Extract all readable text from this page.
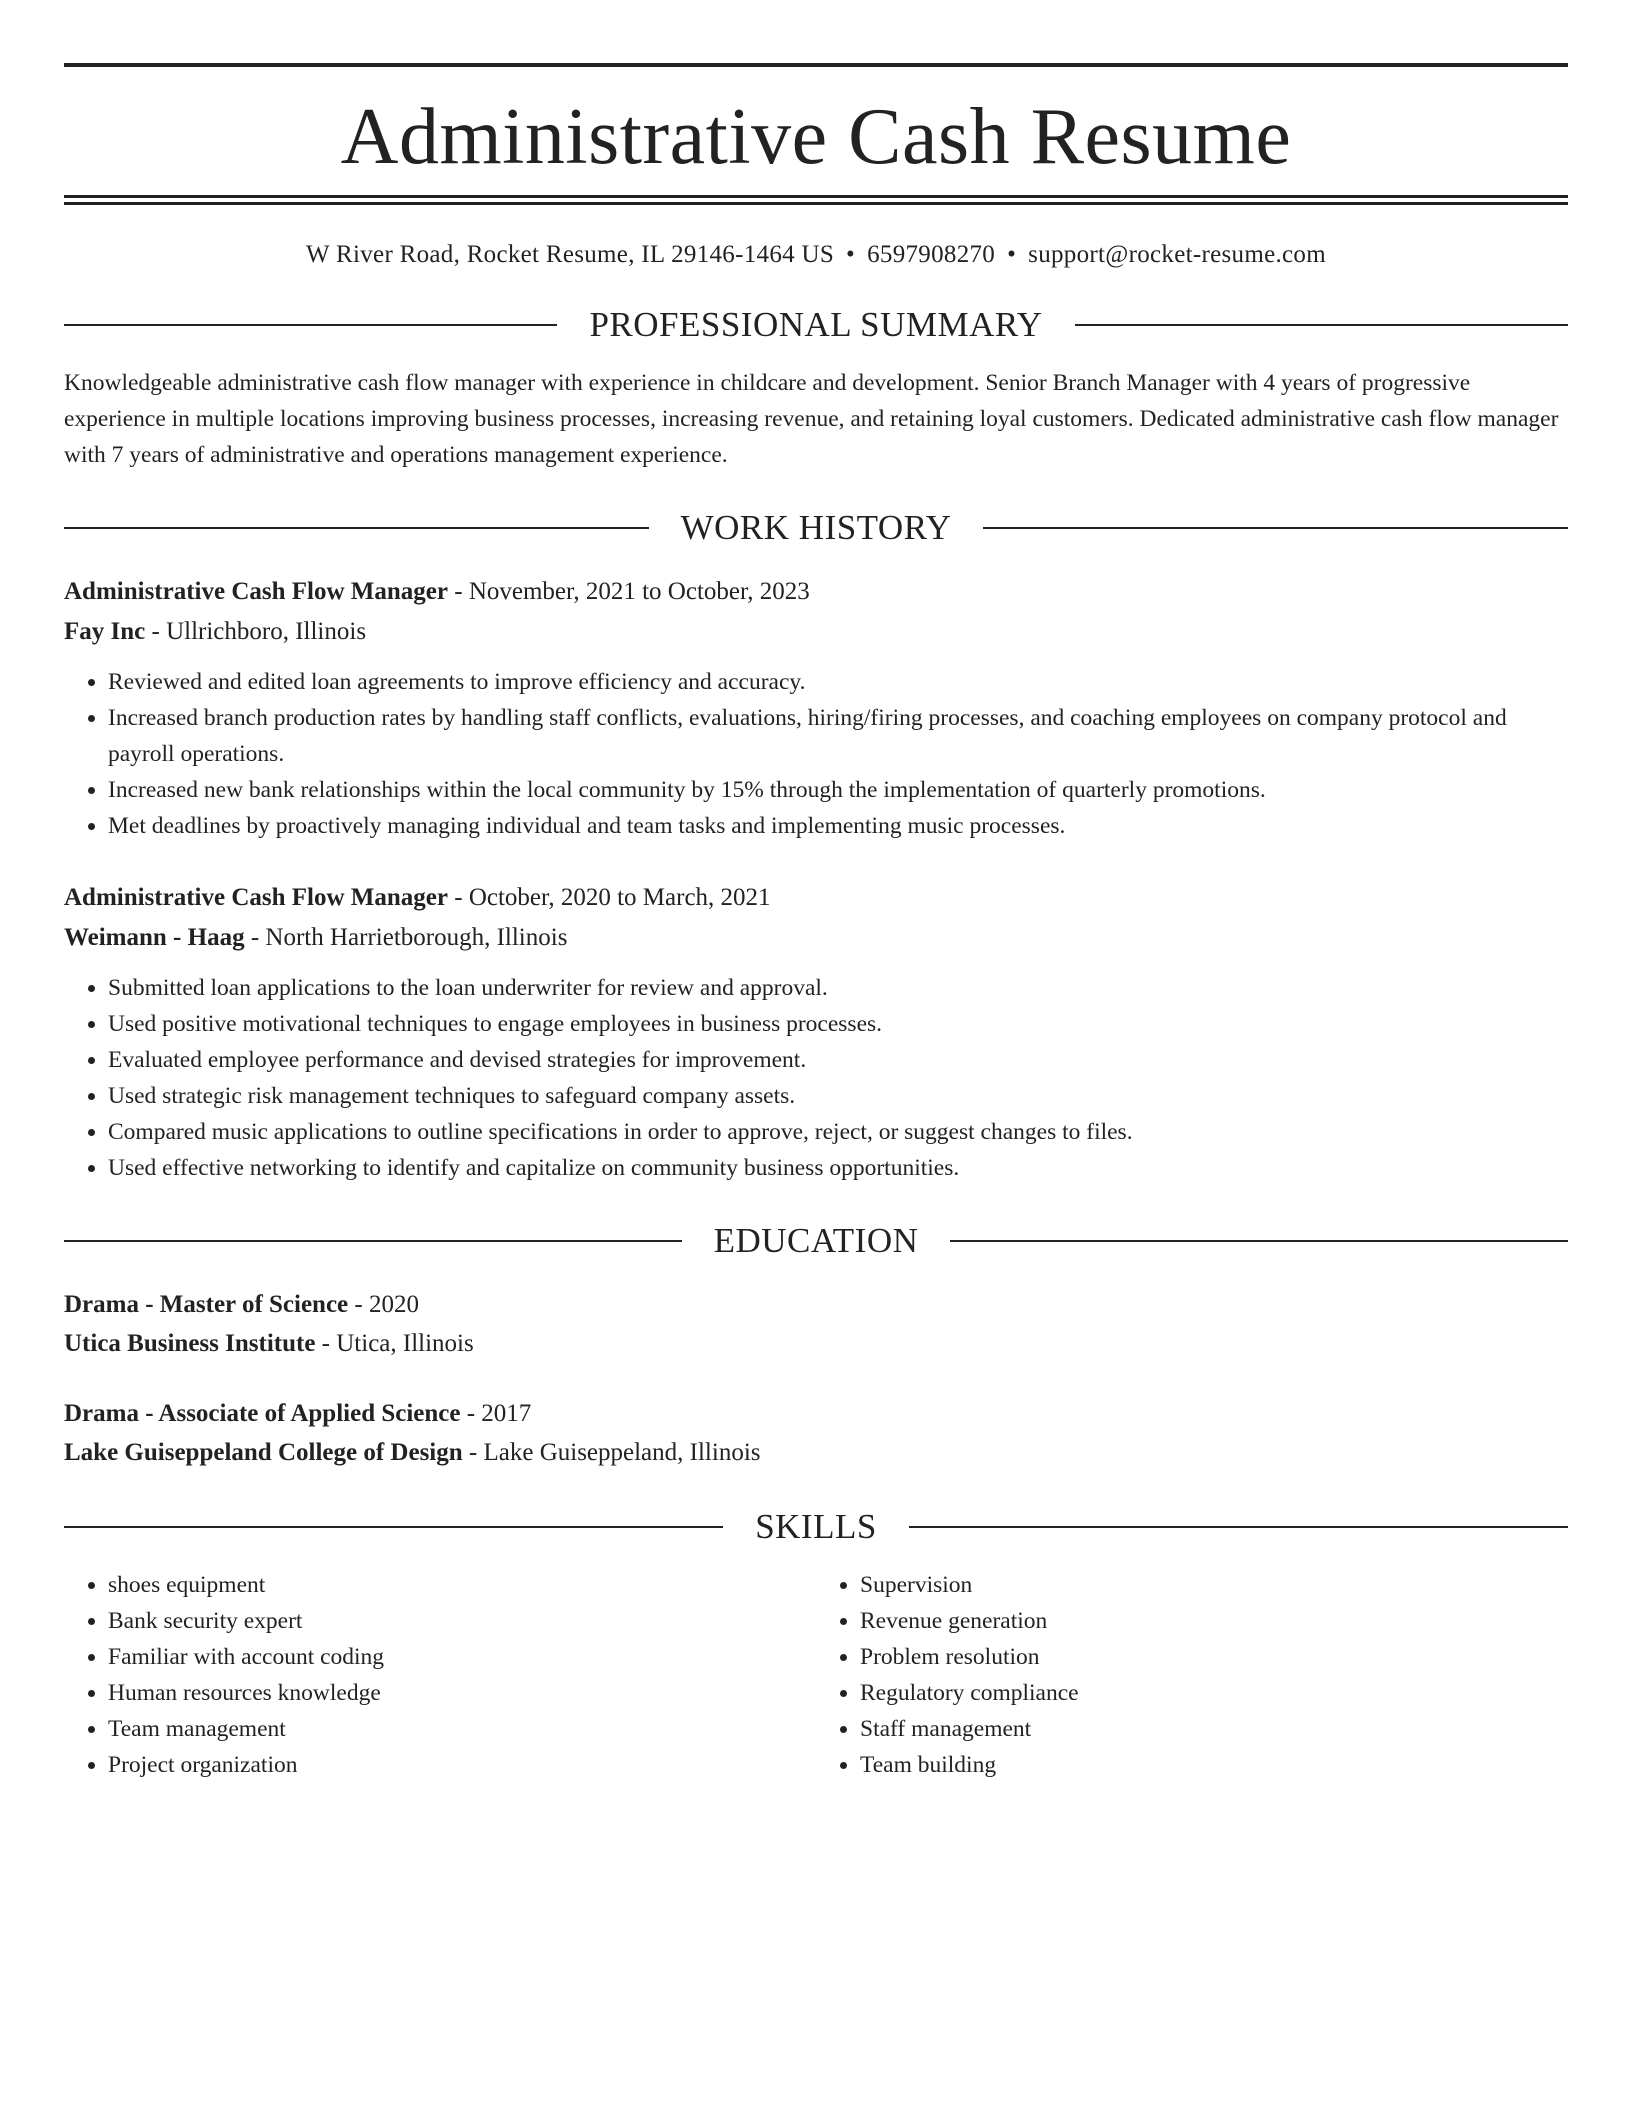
Administrative Cash Resume
W River Road, Rocket Resume, IL 29146-1464 US • 6597908270 • support@rocket-resume.com
PROFESSIONAL SUMMARY
Knowledgeable administrative cash flow manager with experience in childcare and development. Senior Branch Manager with 4 years of progressive experience in multiple locations improving business processes, increasing revenue, and retaining loyal customers. Dedicated administrative cash flow manager with 7 years of administrative and operations management experience.
WORK HISTORY
Administrative Cash Flow Manager - November, 2021 to October, 2023
Fay Inc - Ullrichboro, Illinois
• Reviewed and edited loan agreements to improve efficiency and accuracy.
• Increased branch production rates by handling staff conflicts, evaluations, hiring/firing processes, and coaching employees on company protocol and payroll operations.
• Increased new bank relationships within the local community by 15% through the implementation of quarterly promotions.
• Met deadlines by proactively managing individual and team tasks and implementing music processes.
Administrative Cash Flow Manager - October, 2020 to March, 2021
Weimann - Haag - North Harrietborough, Illinois
• Submitted loan applications to the loan underwriter for review and approval.
• Used positive motivational techniques to engage employees in business processes.
• Evaluated employee performance and devised strategies for improvement.
• Used strategic risk management techniques to safeguard company assets.
• Compared music applications to outline specifications in order to approve, reject, or suggest changes to files.
• Used effective networking to identify and capitalize on community business opportunities.
EDUCATION
Drama - Master of Science - 2020
Utica Business Institute - Utica, Illinois
Drama - Associate of Applied Science - 2017
Lake Guiseppeland College of Design - Lake Guiseppeland, Illinois
SKILLS
• shoes equipment
• Bank security expert
• Familiar with account coding
• Human resources knowledge
• Team management
• Project organization
• Supervision
• Revenue generation
• Problem resolution
• Regulatory compliance
• Staff management
• Team building
